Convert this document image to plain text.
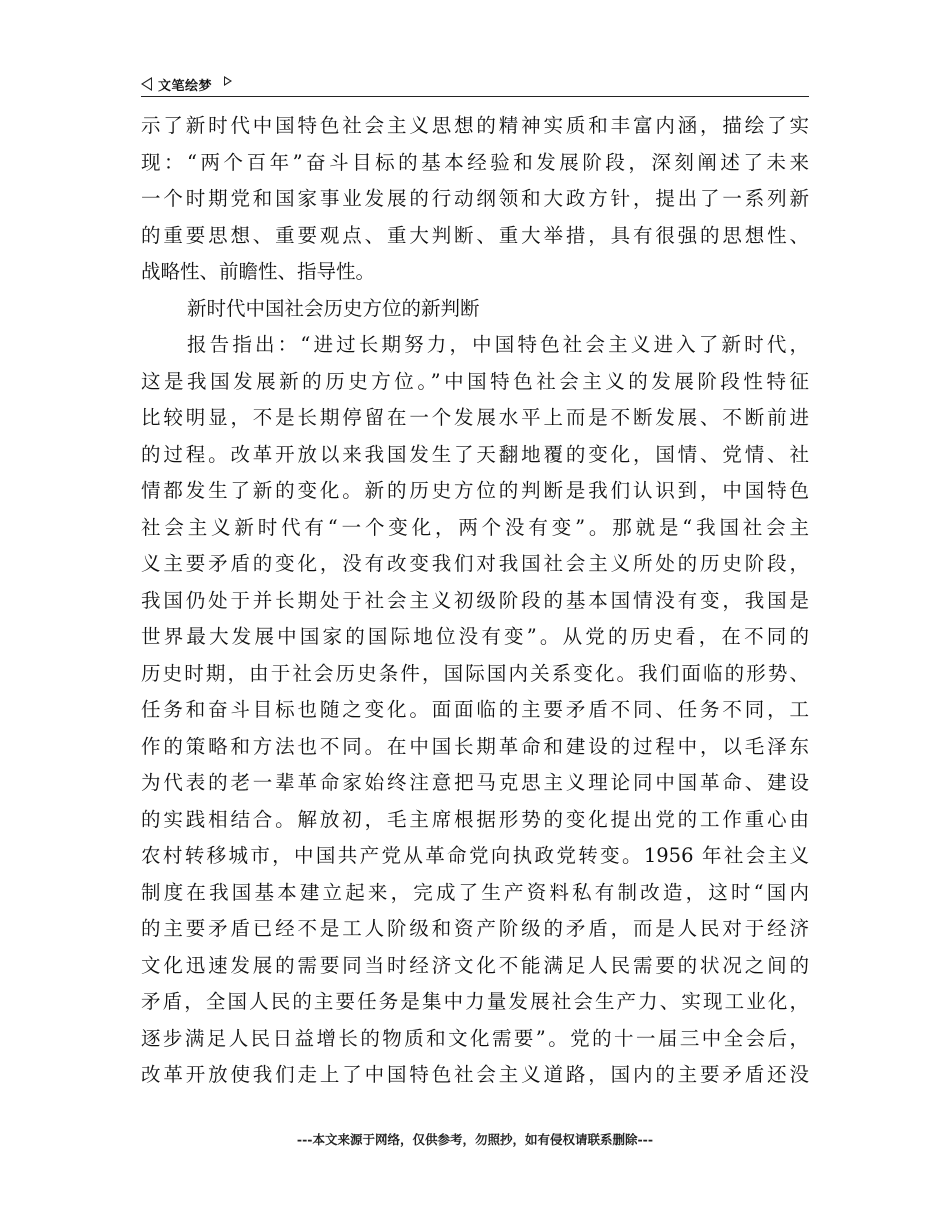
文笔绘梦
示了新时代中国特色社会主义思想的精神实质和丰富内涵，描绘了实
现：“两个百年”奋斗目标的基本经验和发展阶段，深刻阐述了未来
一个时期党和国家事业发展的行动纲领和大政方针，提出了一系列新
的重要思想、重要观点、重大判断、重大举措，具有很强的思想性、
战略性、前瞻性、指导性。
新时代中国社会历史方位的新判断
报告指出：“进过长期努力，中国特色社会主义进入了新时代，
这是我国发展新的历史方位。”中国特色社会主义的发展阶段性特征
比较明显，不是长期停留在一个发展水平上而是不断发展、不断前进
的过程。改革开放以来我国发生了天翻地覆的变化，国情、党情、社
情都发生了新的变化。新的历史方位的判断是我们认识到，中国特色
社会主义新时代有“一个变化，两个没有变”。那就是“我国社会主
义主要矛盾的变化，没有改变我们对我国社会主义所处的历史阶段，
我国仍处于并长期处于社会主义初级阶段的基本国情没有变，我国是
世界最大发展中国家的国际地位没有变”。从党的历史看，在不同的
历史时期，由于社会历史条件，国际国内关系变化。我们面临的形势、
任务和奋斗目标也随之变化。面面临的主要矛盾不同、任务不同，工
作的策略和方法也不同。在中国长期革命和建设的过程中，以毛泽东
为代表的老一辈革命家始终注意把马克思主义理论同中国革命、建设
的实践相结合。解放初，毛主席根据形势的变化提出党的工作重心由
农村转移城市，中国共产党从革命党向执政党转变。1956 年社会主义
制度在我国基本建立起来，完成了生产资料私有制改造，这时“国内
的主要矛盾已经不是工人阶级和资产阶级的矛盾，而是人民对于经济
文化迅速发展的需要同当时经济文化不能满足人民需要的状况之间的
矛盾，全国人民的主要任务是集中力量发展社会生产力、实现工业化，
逐步满足人民日益增长的物质和文化需要”。党的十一届三中全会后，
改革开放使我们走上了中国特色社会主义道路，国内的主要矛盾还没
---本文来源于网络，仅供参考，勿照抄，如有侵权请联系删除---
